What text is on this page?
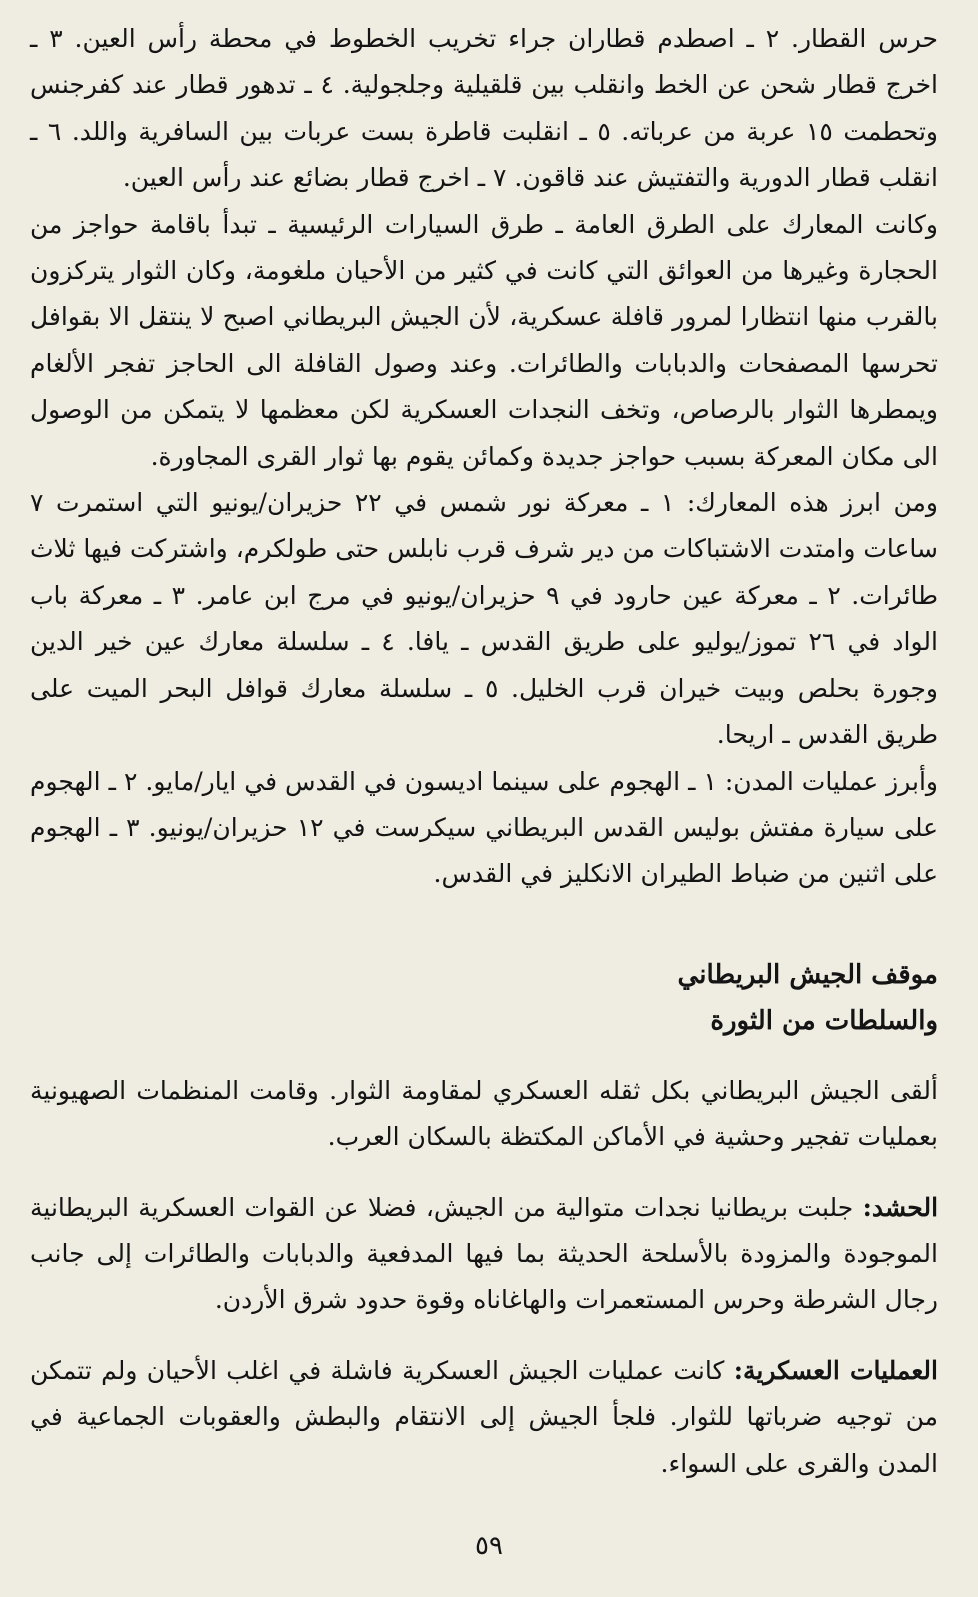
حرس القطار. ٢ ـ اصطدم قطاران جراء تخريب الخطوط في محطة رأس العين. ٣ ـ اخرج قطار شحن عن الخط وانقلب بين قلقيلية وجلجولية. ٤ ـ تدهور قطار عند كفرجنس وتحطمت ١٥ عربة من عرباته. ٥ ـ انقلبت قاطرة بست عربات بين السافرية واللد. ٦ ـ انقلب قطار الدورية والتفتيش عند قاقون. ٧ ـ اخرج قطار بضائع عند رأس العين.

وكانت المعارك على الطرق العامة ـ طرق السيارات الرئيسية ـ تبدأ باقامة حواجز من الحجارة وغيرها من العوائق التي كانت في كثير من الأحيان ملغومة، وكان الثوار يتركزون بالقرب منها انتظارا لمرور قافلة عسكرية، لأن الجيش البريطاني اصبح لا ينتقل الا بقوافل تحرسها المصفحات والدبابات والطائرات. وعند وصول القافلة الى الحاجز تفجر الألغام ويمطرها الثوار بالرصاص، وتخف النجدات العسكرية لكن معظمها لا يتمكن من الوصول الى مكان المعركة بسبب حواجز جديدة وكمائن يقوم بها ثوار القرى المجاورة.

ومن ابرز هذه المعارك: ١ ـ معركة نور شمس في ٢٢ حزيران/يونيو التي استمرت ٧ ساعات وامتدت الاشتباكات من دير شرف قرب نابلس حتى طولكرم، واشتركت فيها ثلاث طائرات. ٢ ـ معركة عين حارود في ٩ حزيران/يونيو في مرج ابن عامر. ٣ ـ معركة باب الواد في ٢٦ تموز/يوليو على طريق القدس ـ يافا. ٤ ـ سلسلة معارك عين خير الدين وجورة بحلص وبيت خيران قرب الخليل. ٥ ـ سلسلة معارك قوافل البحر الميت على طريق القدس ـ اريحا.

وأبرز عمليات المدن: ١ ـ الهجوم على سينما اديسون في القدس في ايار/مايو. ٢ ـ الهجوم على سيارة مفتش بوليس القدس البريطاني سيكرست في ١٢ حزيران/يونيو. ٣ ـ الهجوم على اثنين من ضباط الطيران الانكليز في القدس.

موقف الجيش البريطاني

والسلطات من الثورة

ألقى الجيش البريطاني بكل ثقله العسكري لمقاومة الثوار. وقامت المنظمات الصهيونية بعمليات تفجير وحشية في الأماكن المكتظة بالسكان العرب.

الحشد: جلبت بريطانيا نجدات متوالية من الجيش، فضلا عن القوات العسكرية البريطانية الموجودة والمزودة بالأسلحة الحديثة بما فيها المدفعية والدبابات والطائرات إلى جانب رجال الشرطة وحرس المستعمرات والهاغاناه وقوة حدود شرق الأردن.

العمليات العسكرية: كانت عمليات الجيش العسكرية فاشلة في اغلب الأحيان ولم تتمكن من توجيه ضرباتها للثوار. فلجأ الجيش إلى الانتقام والبطش والعقوبات الجماعية في المدن والقرى على السواء.

٥٩
